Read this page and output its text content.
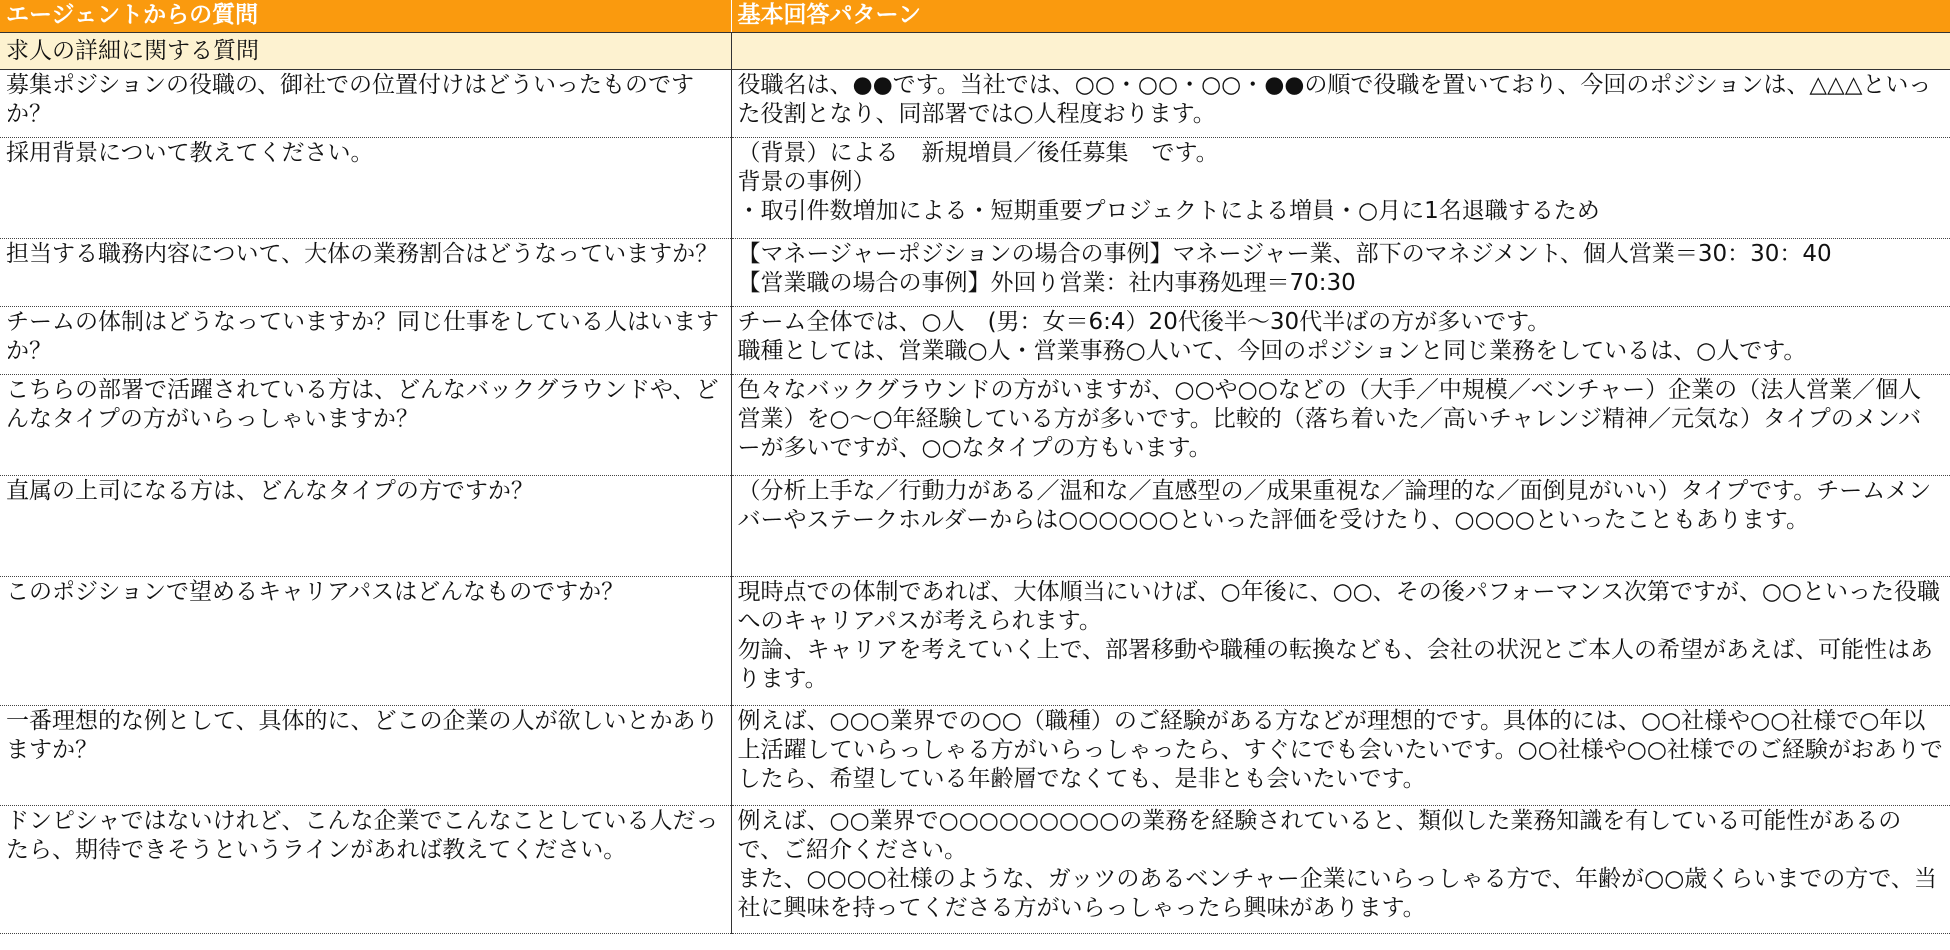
エージェントからの質問	基本回答パターン
求人の詳細に関する質問	
募集ポジションの役職の、御社での位置付けはどういったものですか？	役職名は、●●です。当社では、○○・○○・○○・●●の順で役職を置いており、今回のポジションは、△△△といった役割となり、同部署では○人程度おります。
採用背景について教えてください。	（背景）による　新規増員／後任募集　です。
背景の事例）
・取引件数増加による・短期重要プロジェクトによる増員・○月に1名退職するため
担当する職務内容について、大体の業務割合はどうなっていますか？	【マネージャーポジションの場合の事例】マネージャー業、部下のマネジメント、個人営業＝30：30：40
【営業職の場合の事例】外回り営業：社内事務処理＝70:30
チームの体制はどうなっていますか？同じ仕事をしている人はいますか？	チーム全体では、○人　(男：女＝6:4）20代後半〜30代半ばの方が多いです。
職種としては、営業職○人・営業事務○人いて、今回のポジションと同じ業務をしているは、○人です。
こちらの部署で活躍されている方は、どんなバックグラウンドや、どんなタイプの方がいらっしゃいますか？	色々なバックグラウンドの方がいますが、○○や○○などの（大手／中規模／ベンチャー）企業の（法人営業／個人営業）を○〜○年経験している方が多いです。比較的（落ち着いた／高いチャレンジ精神／元気な）タイプのメンバーが多いですが、○○なタイプの方もいます。
直属の上司になる方は、どんなタイプの方ですか？	（分析上手な／行動力がある／温和な／直感型の／成果重視な／論理的な／面倒見がいい）タイプです。チームメンバーやステークホルダーからは○○○○○○といった評価を受けたり、○○○○といったこともあります。
このポジションで望めるキャリアパスはどんなものですか？	現時点での体制であれば、大体順当にいけば、○年後に、○○、その後パフォーマンス次第ですが、○○といった役職へのキャリアパスが考えられます。
勿論、キャリアを考えていく上で、部署移動や職種の転換なども、会社の状況とご本人の希望があえば、可能性はあります。
一番理想的な例として、具体的に、どこの企業の人が欲しいとかありますか？	例えば、○○○業界での○○（職種）のご経験がある方などが理想的です。具体的には、○○社様や○○社様で○年以上活躍していらっしゃる方がいらっしゃったら、すぐにでも会いたいです。○○社様や○○社様でのご経験がおありでしたら、希望している年齢層でなくても、是非とも会いたいです。
ドンピシャではないけれど、こんな企業でこんなことしている人だったら、期待できそうというラインがあれば教えてください。	例えば、○○業界で○○○○○○○○○の業務を経験されていると、類似した業務知識を有している可能性があるので、ご紹介ください。
また、○○○○社様のような、ガッツのあるベンチャー企業にいらっしゃる方で、年齢が○○歳くらいまでの方で、当社に興味を持ってくださる方がいらっしゃったら興味があります。
